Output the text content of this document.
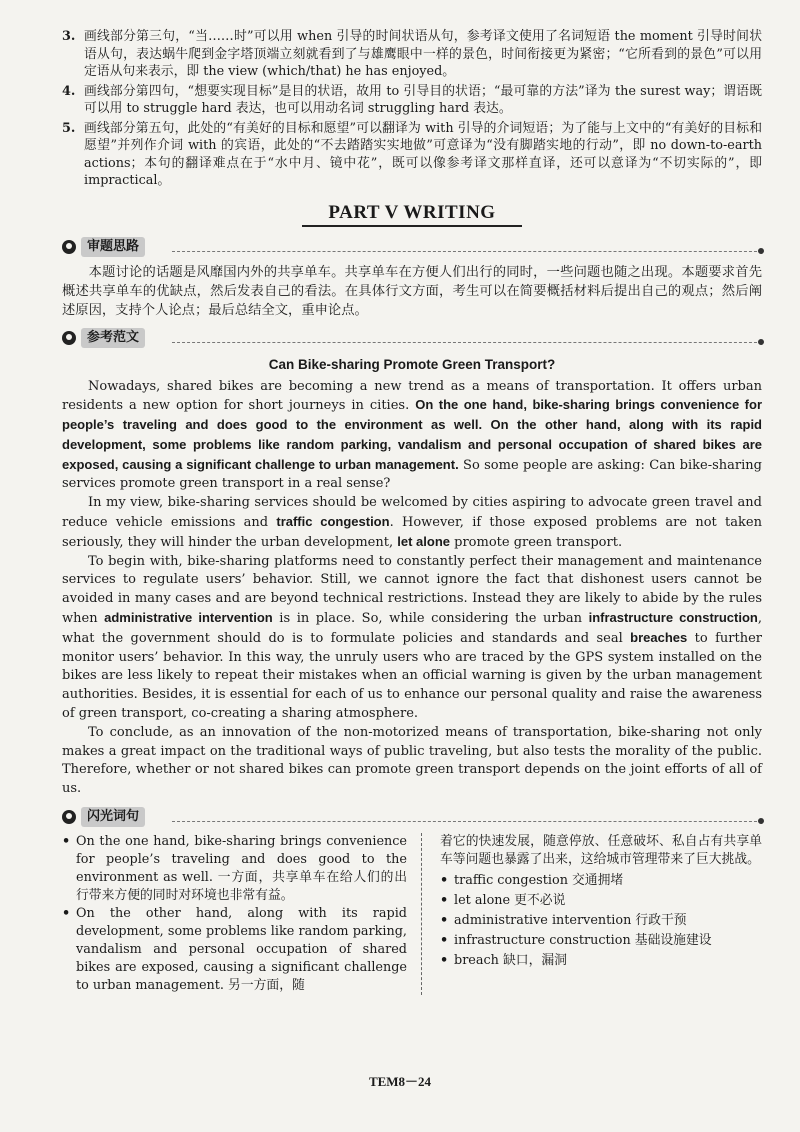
3. 画线部分第三句，“当……时”可以用 when 引导的时间状语从句，参考译文使用了名词短语 the moment 引导时间状语从句，表达蜗牛爬到金字塔顶端立刻就看到了与雄鹰眼中一样的景色，时间衔接更为紧密；“它所看到的景色”可以用定语从句来表示，即 the view (which/that) he has enjoyed。
4. 画线部分第四句，“想要实现目标”是目的状语，故用 to 引导目的状语；“最可靠的方法”译为 the surest way；谓语既可以用 to struggle hard 表达，也可以用动名词 struggling hard 表达。
5. 画线部分第五句，此处的“有美好的目标和愿望”可以翻译为 with 引导的介词短语；为了能与上文中的“有美好的目标和愿望”并列作介词 with 的宾语，此处的“不去踏踏实实地做”可意译为“没有脚踏实地的行动”，即 no down-to-earth actions；本句的翻译难点在于“水中月、镜中花”，既可以像参考译文那样直译，还可以意译为“不切实际的”，即 impractical。
PART V WRITING
审题思路

本题讨论的话题是风靡国内外的共享单车。共享单车在方便人们出行的同时，一些问题也随之出现。本题要求首先概述共享单车的优缺点，然后发表自己的看法。在具体行文方面，考生可以在简要概括材料后提出自己的观点；然后阐述原因，支持个人论点；最后总结全文，重申论点。

参考范文
Can Bike-sharing Promote Green Transport?

Nowadays, shared bikes are becoming a new trend as a means of transportation. It offers urban residents a new option for short journeys in cities. On the one hand, bike-sharing brings convenience for people’s traveling and does good to the environment as well. On the other hand, along with its rapid development, some problems like random parking, vandalism and personal occupation of shared bikes are exposed, causing a significant challenge to urban management. So some people are asking: Can bike-sharing services promote green transport in a real sense?

In my view, bike-sharing services should be welcomed by cities aspiring to advocate green travel and reduce vehicle emissions and traffic congestion. However, if those exposed problems are not taken seriously, they will hinder the urban development, let alone promote green transport.

To begin with, bike-sharing platforms need to constantly perfect their management and maintenance services to regulate users’ behavior. Still, we cannot ignore the fact that dishonest users cannot be avoided in many cases and are beyond technical restrictions. Instead they are likely to abide by the rules when administrative intervention is in place. So, while considering the urban infrastructure construction, what the government should do is to formulate policies and standards and seal breaches to further monitor users’ behavior. In this way, the unruly users who are traced by the GPS system installed on the bikes are less likely to repeat their mistakes when an official warning is given by the urban management authorities. Besides, it is essential for each of us to enhance our personal quality and raise the awareness of green transport, co-creating a sharing atmosphere.

To conclude, as an innovation of the non-motorized means of transportation, bike-sharing not only makes a great impact on the traditional ways of public traveling, but also tests the morality of the public. Therefore, whether or not shared bikes can promote green transport depends on the joint efforts of all of us.

闪光词句
• On the one hand, bike-sharing brings convenience for people’s traveling and does good to the environment as well. 一方面，共享单车在给人们的出行带来方便的同时对环境也非常有益。
• On the other hand, along with its rapid development, some problems like random parking, vandalism and personal occupation of shared bikes are exposed, causing a significant challenge to urban management. 另一方面，随

着它的快速发展，随意停放、任意破坏、私自占有共享单车等问题也暴露了出来，这给城市管理带来了巨大挑战。

• traffic congestion 交通拥堵
• let alone 更不必说
• administrative intervention 行政干预
• infrastructure construction 基础设施建设
• breach 缺口，漏洞
TEM8－24
